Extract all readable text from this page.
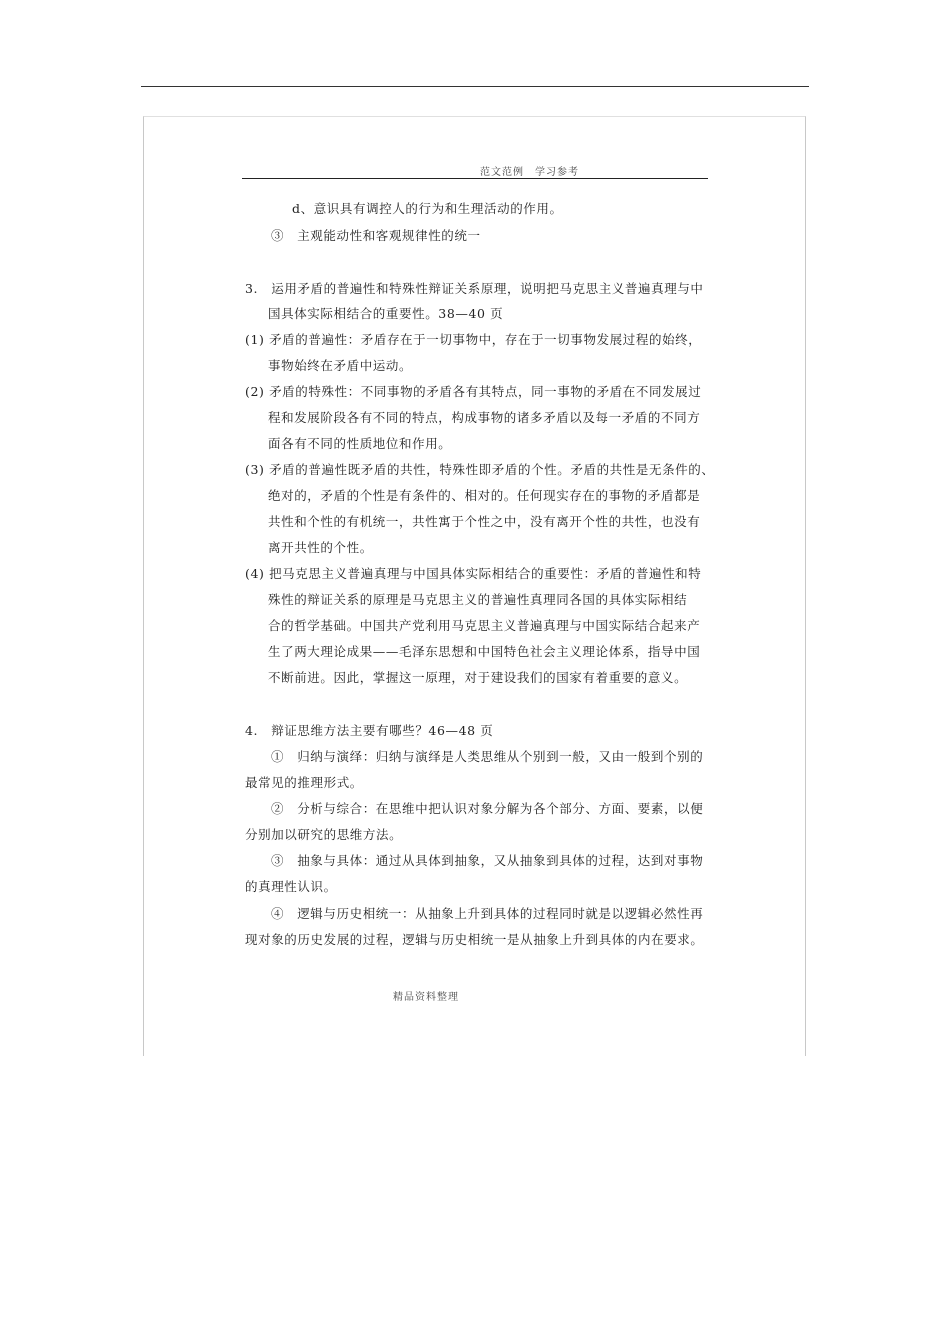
范文范例　学习参考
d、意识具有调控人的行为和生理活动的作用。
③　主观能动性和客观规律性的统一
3.　运用矛盾的普遍性和特殊性辩证关系原理，说明把马克思主义普遍真理与中
国具体实际相结合的重要性。38—40 页
(1) 矛盾的普遍性：矛盾存在于一切事物中，存在于一切事物发展过程的始终，
事物始终在矛盾中运动。
(2) 矛盾的特殊性：不同事物的矛盾各有其特点，同一事物的矛盾在不同发展过
程和发展阶段各有不同的特点，构成事物的诸多矛盾以及每一矛盾的不同方
面各有不同的性质地位和作用。
(3) 矛盾的普遍性既矛盾的共性，特殊性即矛盾的个性。矛盾的共性是无条件的、
绝对的，矛盾的个性是有条件的、相对的。任何现实存在的事物的矛盾都是
共性和个性的有机统一，共性寓于个性之中，没有离开个性的共性，也没有
离开共性的个性。
(4) 把马克思主义普遍真理与中国具体实际相结合的重要性：矛盾的普遍性和特
殊性的辩证关系的原理是马克思主义的普遍性真理同各国的具体实际相结
合的哲学基础。中国共产党利用马克思主义普遍真理与中国实际结合起来产
生了两大理论成果——毛泽东思想和中国特色社会主义理论体系，指导中国
不断前进。因此，掌握这一原理，对于建设我们的国家有着重要的意义。
4.　辩证思维方法主要有哪些？46—48 页
①　归纳与演绎：归纳与演绎是人类思维从个别到一般，又由一般到个别的
最常见的推理形式。
②　分析与综合：在思维中把认识对象分解为各个部分、方面、要素，以便
分别加以研究的思维方法。
③　抽象与具体：通过从具体到抽象，又从抽象到具体的过程，达到对事物
的真理性认识。
④　逻辑与历史相统一：从抽象上升到具体的过程同时就是以逻辑必然性再
现对象的历史发展的过程，逻辑与历史相统一是从抽象上升到具体的内在要求。
精品资料整理
